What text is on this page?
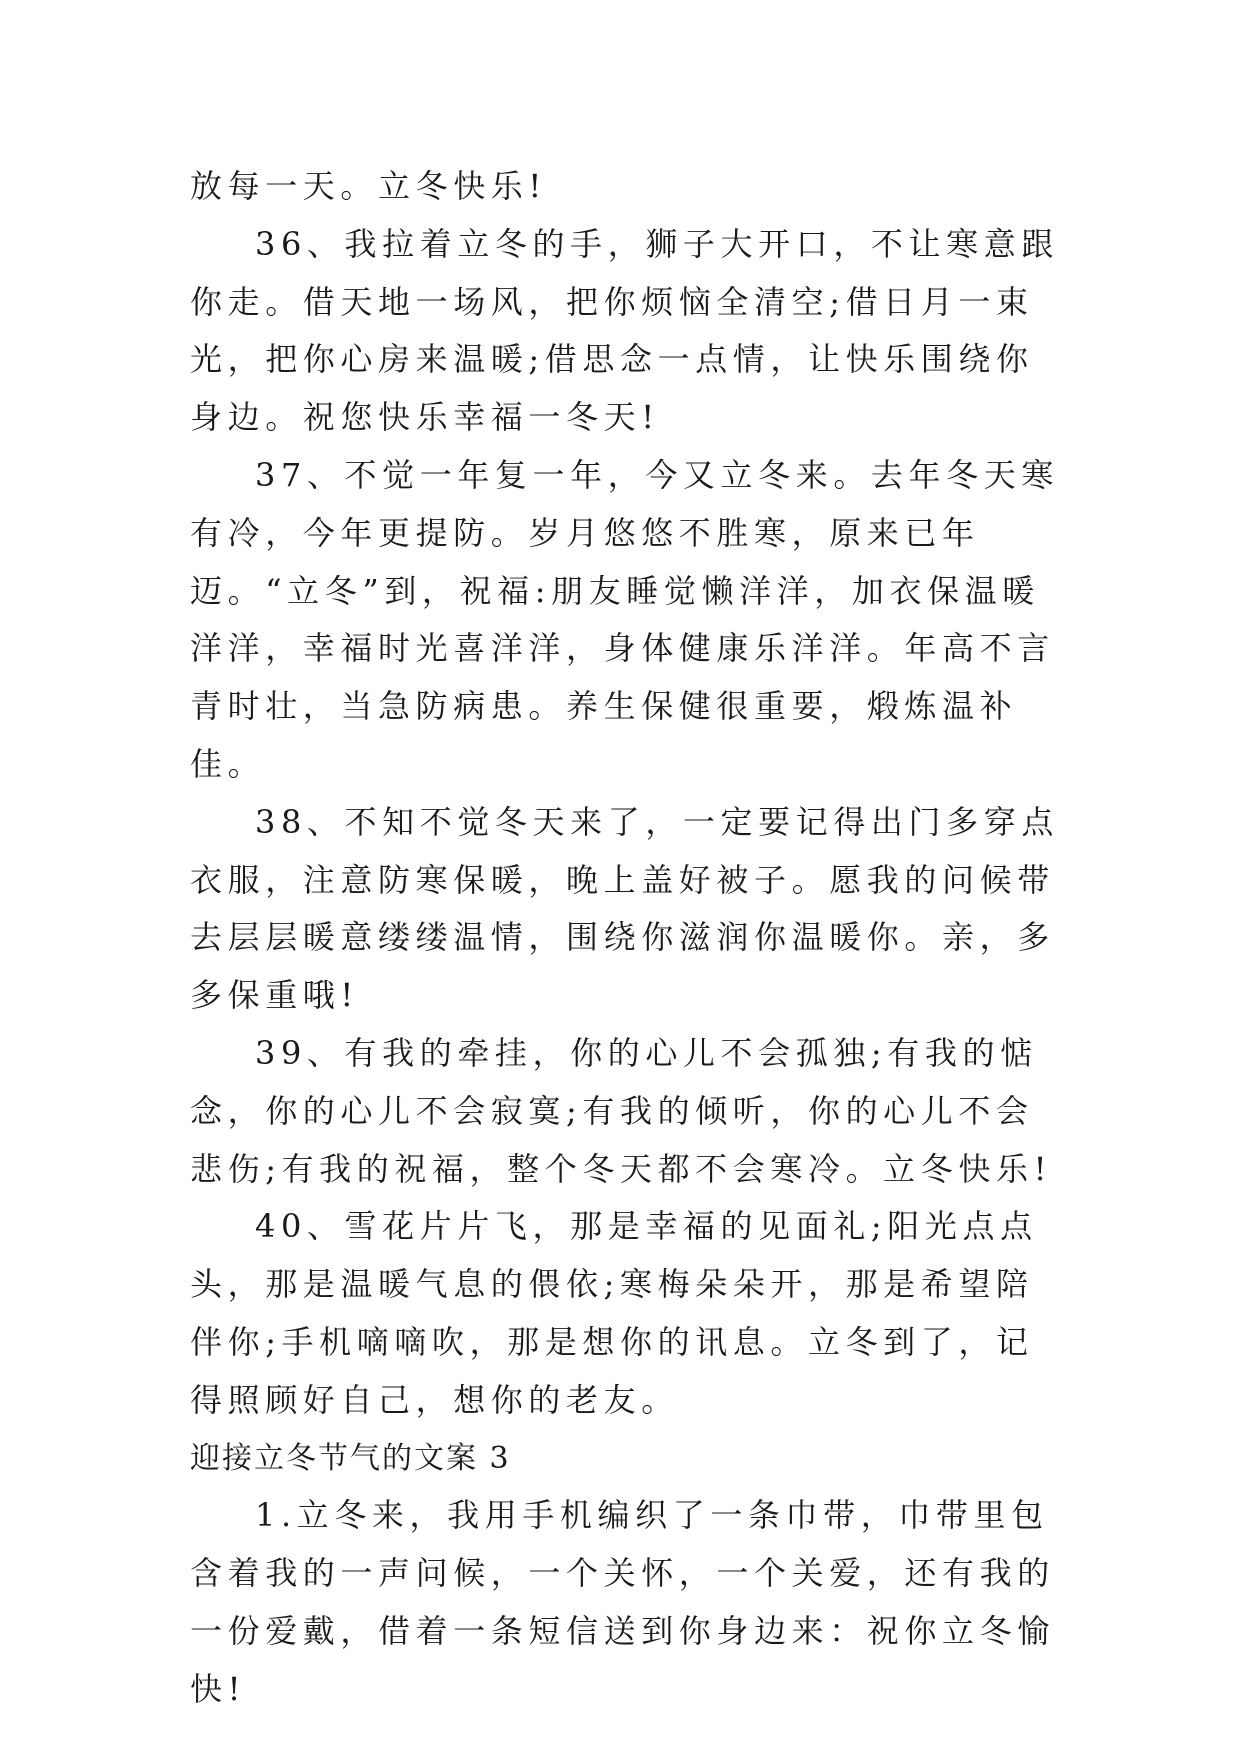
放每一天。立冬快乐!

36、我拉着立冬的手，狮子大开口，不让寒意跟你走。借天地一场风，把你烦恼全清空;借日月一束光，把你心房来温暖;借思念一点情，让快乐围绕你身边。祝您快乐幸福一冬天!

37、不觉一年复一年，今又立冬来。去年冬天寒有冷，今年更提防。岁月悠悠不胜寒，原来已年迈。“立冬”到，祝福:朋友睡觉懒洋洋，加衣保温暖洋洋，幸福时光喜洋洋，身体健康乐洋洋。年高不言青时壮，当急防病患。养生保健很重要，煅炼温补佳。

38、不知不觉冬天来了，一定要记得出门多穿点衣服，注意防寒保暖，晚上盖好被子。愿我的问候带去层层暖意缕缕温情，围绕你滋润你温暖你。亲，多多保重哦!

39、有我的牵挂，你的心儿不会孤独;有我的惦念，你的心儿不会寂寞;有我的倾听，你的心儿不会悲伤;有我的祝福，整个冬天都不会寒冷。立冬快乐!

40、雪花片片飞，那是幸福的见面礼;阳光点点头，那是温暖气息的偎依;寒梅朵朵开，那是希望陪伴你;手机嘀嘀吹，那是想你的讯息。立冬到了，记得照顾好自己，想你的老友。

迎接立冬节气的文案 3

1.立冬来，我用手机编织了一条巾带，巾带里包含着我的一声问候，一个关怀，一个关爱，还有我的一份爱戴，借着一条短信送到你身边来：祝你立冬愉快!
